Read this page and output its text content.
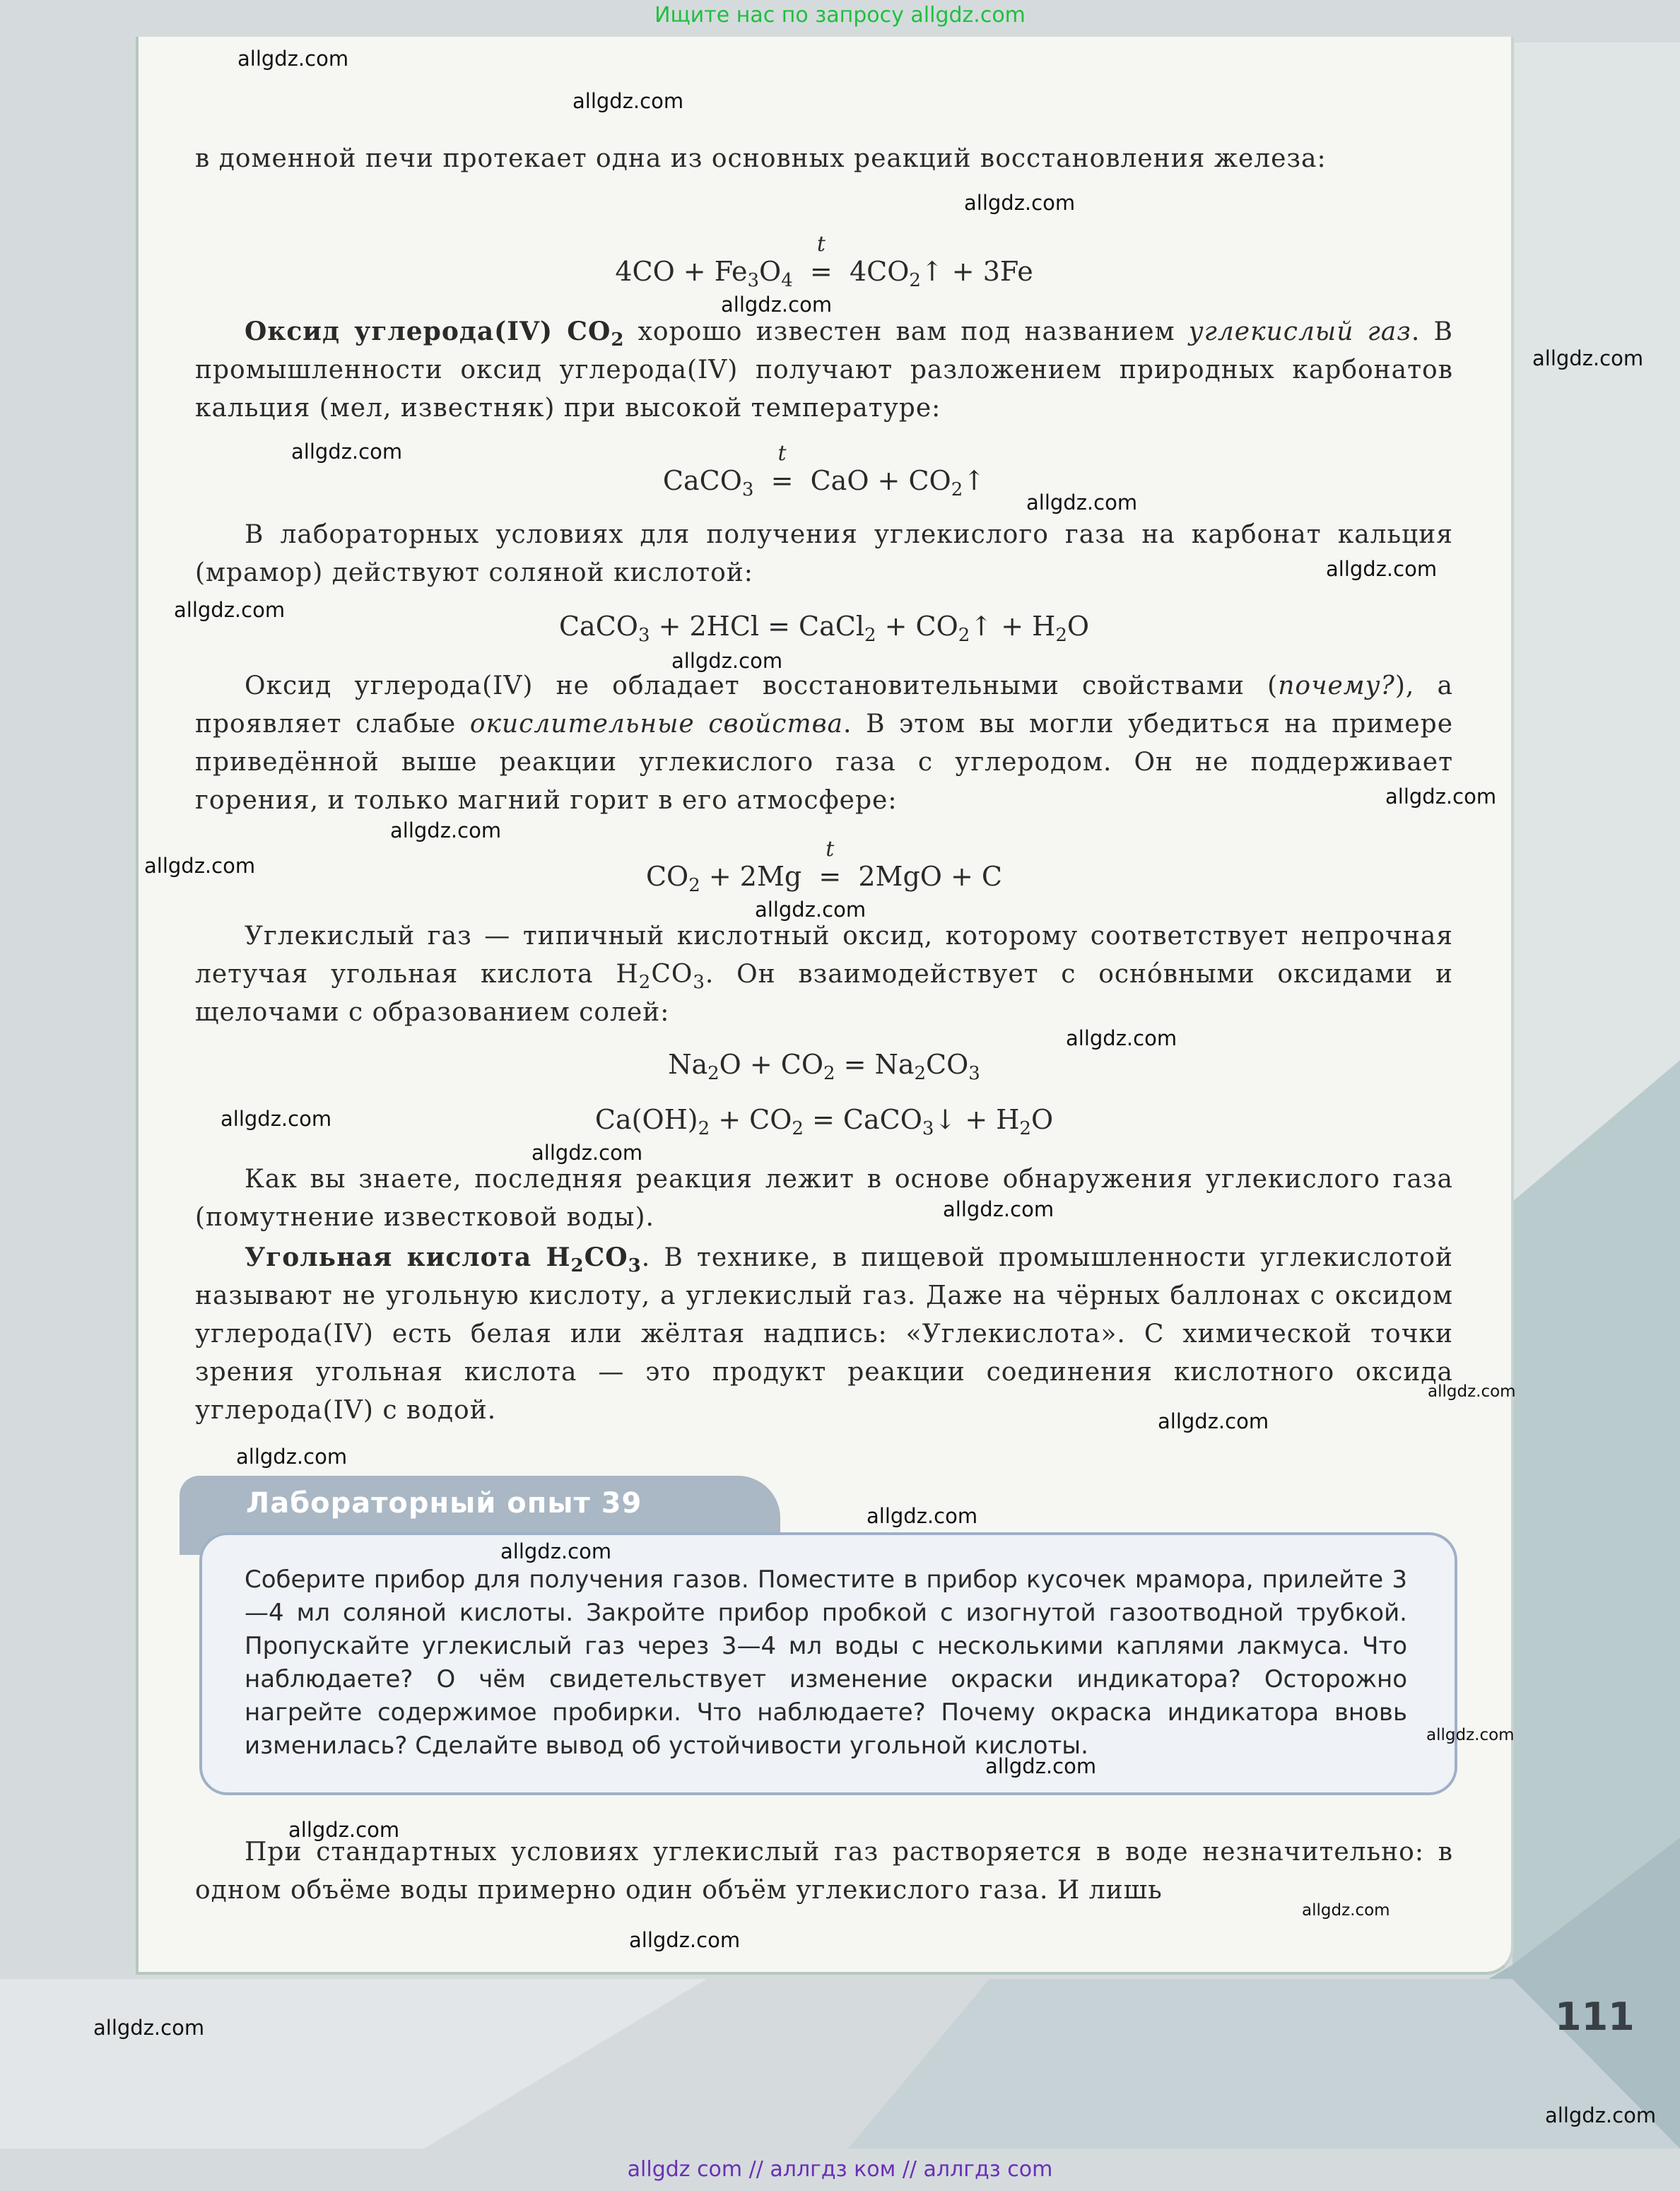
Ищите нас по запросу allgdz.com

в доменной печи протекает одна из основных реакций восстановления железа:

$4CO + Fe_3O_4$  =
t
$4CO_2↑ + 3Fe$

Оксид углерода(IV) $CO_2$ хорошо известен вам под названием углекислый газ. В промышленности оксид углерода(IV) получают разложением природных карбонатов кальция (мел, известняк) при высокой температуре:

CaCO$_3$  =
t
CaO + $CO_2↑$

В лабораторных условиях для получения углекислого газа на карбонат кальция (мрамор) действуют соляной кислотой:

CaCO$_3$ + 2HCl = CaCl$_2$ + $CO_2↑ + H_2O$

Оксид углерода(IV) не обладает восстановительными свойствами (почему?), а проявляет слабые окислительные свойства. В этом вы могли убедиться на примере приведённой выше реакции углекислого газа с углеродом. Он не поддерживает горения, и только магний горит в его атмосфере:

$CO_2 + 2Mg$  =
t
2MgO + C

Углекислый газ — типичный кислотный оксид, которому соответствует непрочная летучая угольная кислота $H_2CO_3$. Он взаимодействует с осно́вными оксидами и щелочами с образованием солей:

$Na_2O + CO_2 = Na_2CO_3$
$Ca(OH)_2 + CO_2$ = CaCO$_3$↓ + $H_2O$

Как вы знаете, последняя реакция лежит в основе обнаружения углекислого газа (помутнение известковой воды).

Угольная кислота $H_2CO_3$. В технике, в пищевой промышленности углекислотой называют не угольную кислоту, а углекислый газ. Даже на чёрных баллонах с оксидом углерода(IV) есть белая или жёлтая надпись: «Углекислота». С химической точки зрения угольная кислота — это продукт реакции соединения кислотного оксида углерода(IV) с водой.

Лабораторный опыт 39

Соберите прибор для получения газов. Поместите в прибор кусочек мрамора, прилейте 3—4 мл соляной кислоты. Закройте прибор пробкой с изогнутой газоотводной трубкой. Пропускайте углекислый газ через 3—4 мл воды с несколькими каплями лакмуса. Что наблюдаете? О чём свидетельствует изменение окраски индикатора? Осторожно нагрейте содержимое пробирки. Что наблюдаете? Почему окраска индикатора вновь изменилась? Сделайте вывод об устойчивости угольной кислоты.

При стандартных условиях углекислый газ растворяется в воде незначительно: в одном объёме воды примерно один объём углекислого газа. И лишь

111
allgdz.com
allgdz.com
allgdz.com
allgdz.com
allgdz.com
allgdz.com
allgdz.com
allgdz.com
allgdz.com
allgdz.com
allgdz.com
allgdz.com
allgdz.com
allgdz.com
allgdz.com
allgdz.com
allgdz.com
allgdz.com
allgdz.com
allgdz.com
allgdz.com
allgdz.com
allgdz.com
allgdz.com
allgdz.com
allgdz.com
allgdz.com
allgdz.com
allgdz.com
allgdz.com
allgdz com // аллгдз ком // аллгдз com
